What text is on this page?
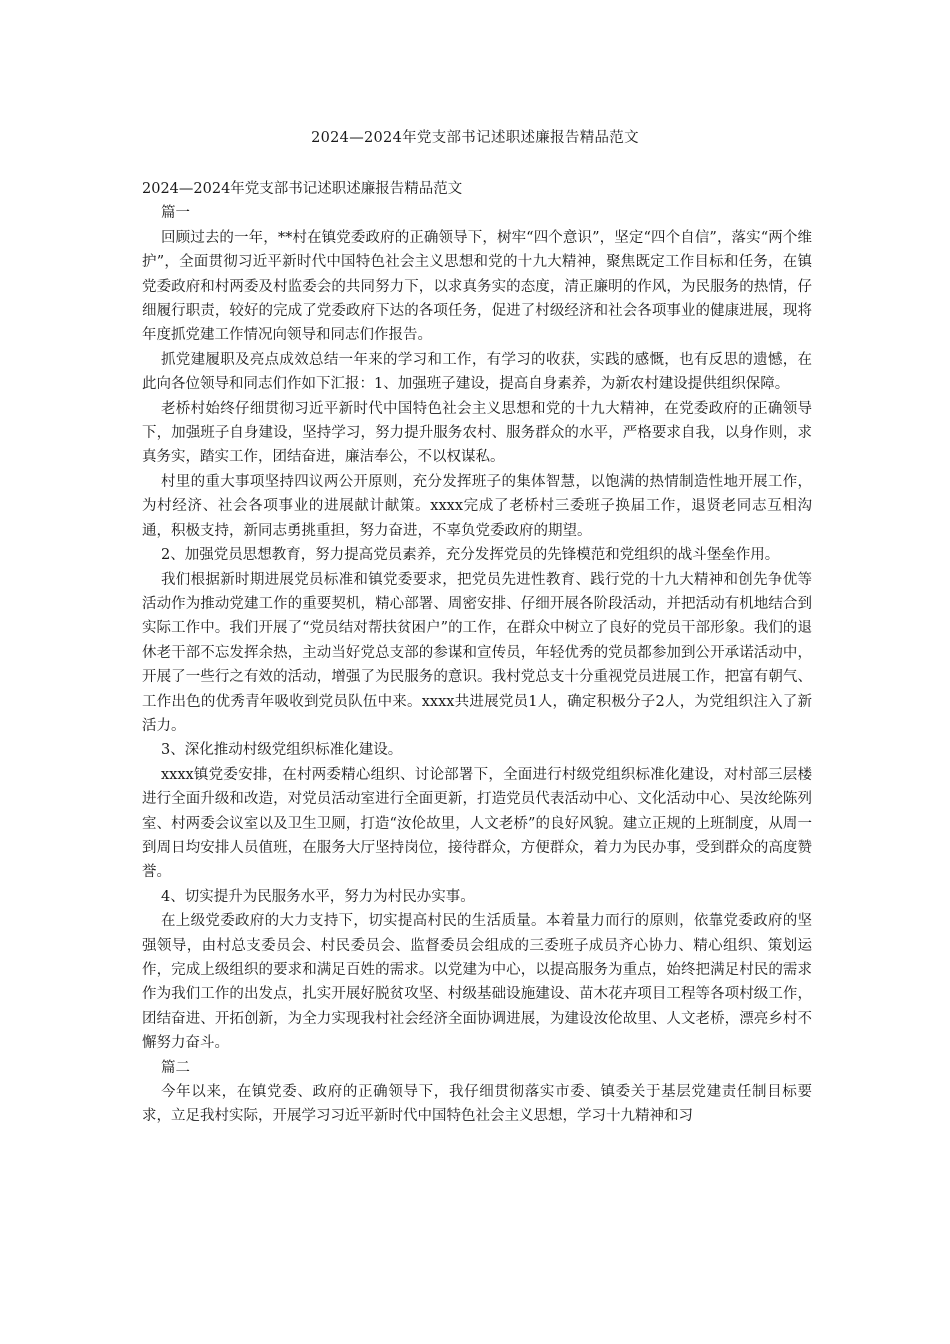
2024—2024年党支部书记述职述廉报告精品范文

2024—2024年党支部书记述职述廉报告精品范文

篇一

回顾过去的一年，**村在镇党委政府的正确领导下，树牢“四个意识”，坚定“四个自信”，落实“两个维护”，全面贯彻习近平新时代中国特色社会主义思想和党的十九大精神，聚焦既定工作目标和任务，在镇党委政府和村两委及村监委会的共同努力下，以求真务实的态度，清正廉明的作风，为民服务的热情，仔细履行职责，较好的完成了党委政府下达的各项任务，促进了村级经济和社会各项事业的健康进展，现将年度抓党建工作情况向领导和同志们作报告。

抓党建履职及亮点成效总结一年来的学习和工作，有学习的收获，实践的感慨，也有反思的遗憾，在此向各位领导和同志们作如下汇报：1、加强班子建设，提高自身素养，为新农村建设提供组织保障。

老桥村始终仔细贯彻习近平新时代中国特色社会主义思想和党的十九大精神，在党委政府的正确领导下，加强班子自身建设，坚持学习，努力提升服务农村、服务群众的水平，严格要求自我，以身作则，求真务实，踏实工作，团结奋进，廉洁奉公，不以权谋私。

村里的重大事项坚持四议两公开原则，充分发挥班子的集体智慧，以饱满的热情制造性地开展工作，为村经济、社会各项事业的进展献计献策。xxxx完成了老桥村三委班子换届工作，退贤老同志互相沟通，积极支持，新同志勇挑重担，努力奋进，不辜负党委政府的期望。

2、加强党员思想教育，努力提高党员素养，充分发挥党员的先锋模范和党组织的战斗堡垒作用。

我们根据新时期进展党员标准和镇党委要求，把党员先进性教育、践行党的十九大精神和创先争优等活动作为推动党建工作的重要契机，精心部署、周密安排、仔细开展各阶段活动，并把活动有机地结合到实际工作中。我们开展了“党员结对帮扶贫困户”的工作，在群众中树立了良好的党员干部形象。我们的退休老干部不忘发挥余热，主动当好党总支部的参谋和宣传员，年轻优秀的党员都参加到公开承诺活动中，开展了一些行之有效的活动，增强了为民服务的意识。我村党总支十分重视党员进展工作，把富有朝气、工作出色的优秀青年吸收到党员队伍中来。xxxx共进展党员1人，确定积极分子2人，为党组织注入了新活力。

3、深化推动村级党组织标准化建设。

xxxx镇党委安排，在村两委精心组织、讨论部署下，全面进行村级党组织标准化建设，对村部三层楼进行全面升级和改造，对党员活动室进行全面更新，打造党员代表活动中心、文化活动中心、吴汝纶陈列室、村两委会议室以及卫生卫厕，打造“汝伦故里，人文老桥”的良好风貌。建立正规的上班制度，从周一到周日均安排人员值班，在服务大厅坚持岗位，接待群众，方便群众，着力为民办事，受到群众的高度赞誉。

4、切实提升为民服务水平，努力为村民办实事。

在上级党委政府的大力支持下，切实提高村民的生活质量。本着量力而行的原则，依靠党委政府的坚强领导，由村总支委员会、村民委员会、监督委员会组成的三委班子成员齐心协力、精心组织、策划运作，完成上级组织的要求和满足百姓的需求。以党建为中心，以提高服务为重点，始终把满足村民的需求作为我们工作的出发点，扎实开展好脱贫攻坚、村级基础设施建设、苗木花卉项目工程等各项村级工作，团结奋进、开拓创新，为全力实现我村社会经济全面协调进展，为建设汝伦故里、人文老桥，漂亮乡村不懈努力奋斗。

篇二

今年以来，在镇党委、政府的正确领导下，我仔细贯彻落实市委、镇委关于基层党建责任制目标要求，立足我村实际，开展学习习近平新时代中国特色社会主义思想，学习十九精神和习
